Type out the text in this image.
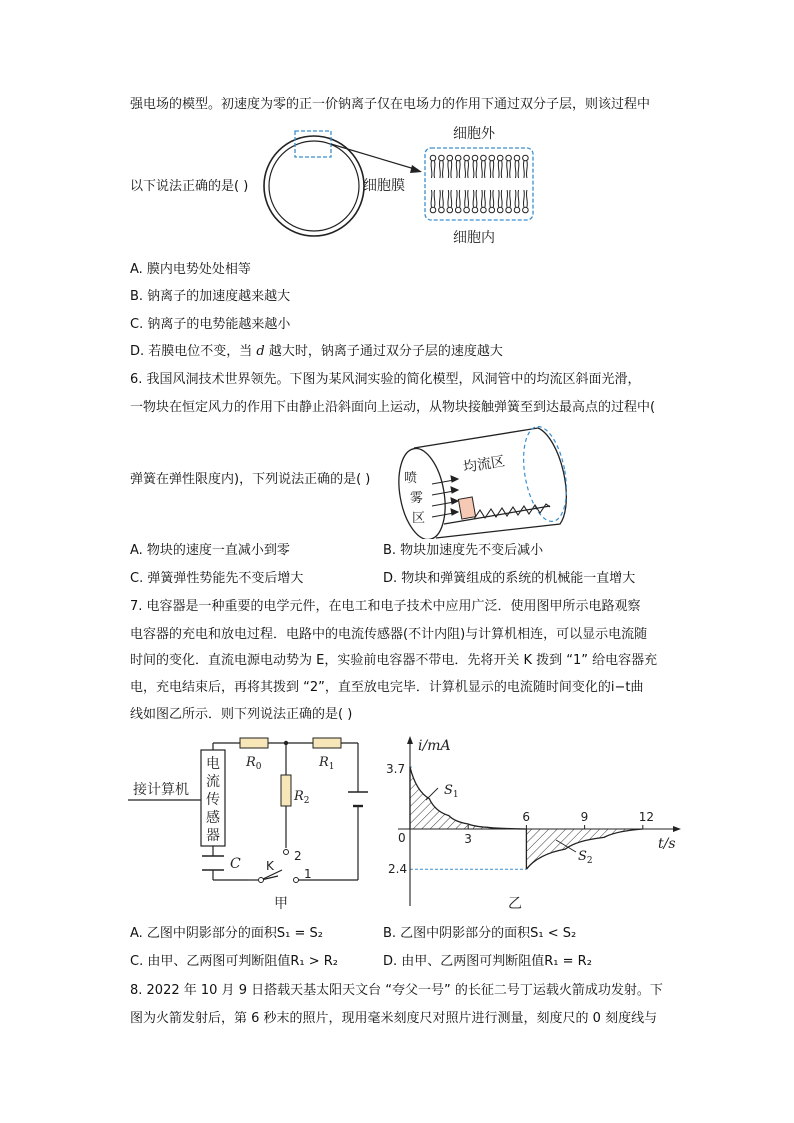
强电场的模型。初速度为零的正一价钠离子仅在电场力的作用下通过双分子层，则该过程中
细胞外
细胞膜
细胞内
以下说法正确的是( )
A. 膜内电势处处相等
B. 钠离子的加速度越来越大
C. 钠离子的电势能越来越小
D. 若膜电位不变，当 d 越大时，钠离子通过双分子层的速度越大
6. 我国风洞技术世界领先。下图为某风洞实验的简化模型，风洞管中的均流区斜面光滑，
一物块在恒定风力的作用下由静止沿斜面向上运动，从物块接触弹簧至到达最高点的过程中(
喷
雾
区
均流区
弹簧在弹性限度内)，下列说法正确的是( )
A. 物块的速度一直减小到零	B. 物块加速度先不变后减小
C. 弹簧弹性势能先不变后增大	D. 物块和弹簧组成的系统的机械能一直增大
7. 电容器是一种重要的电学元件，在电工和电子技术中应用广泛．使用图甲所示电路观察
电容器的充电和放电过程．电路中的电流传感器(不计内阻)与计算机相连，可以显示电流随
时间的变化．直流电源电动势为 E，实验前电容器不带电．先将开关 K 拨到 “1” 给电容器充
电，充电结束后，再将其拨到 “2”，直至放电完毕．计算机显示的电流随时间变化的i−t曲
线如图乙所示．则下列说法正确的是( )
接计算机
电
流
传
感
器
$R_0$	$R_1$
$R_2$
C K
2
1
甲
i/mA
t/s
3.7
2.4
0	3
6	9	12
$S_1$
$S_2$
乙
A. 乙图中阴影部分的面积S₁ = S₂	B. 乙图中阴影部分的面积S₁ < S₂
C. 由甲、乙两图可判断阻值R₁ > R₂	D. 由甲、乙两图可判断阻值R₁ = R₂
8. 2022 年 10 月 9 日搭载天基太阳天文台 “夸父一号” 的长征二号丁运载火箭成功发射。下
图为火箭发射后，第 6 秒末的照片，现用毫米刻度尺对照片进行测量，刻度尺的 0 刻度线与
